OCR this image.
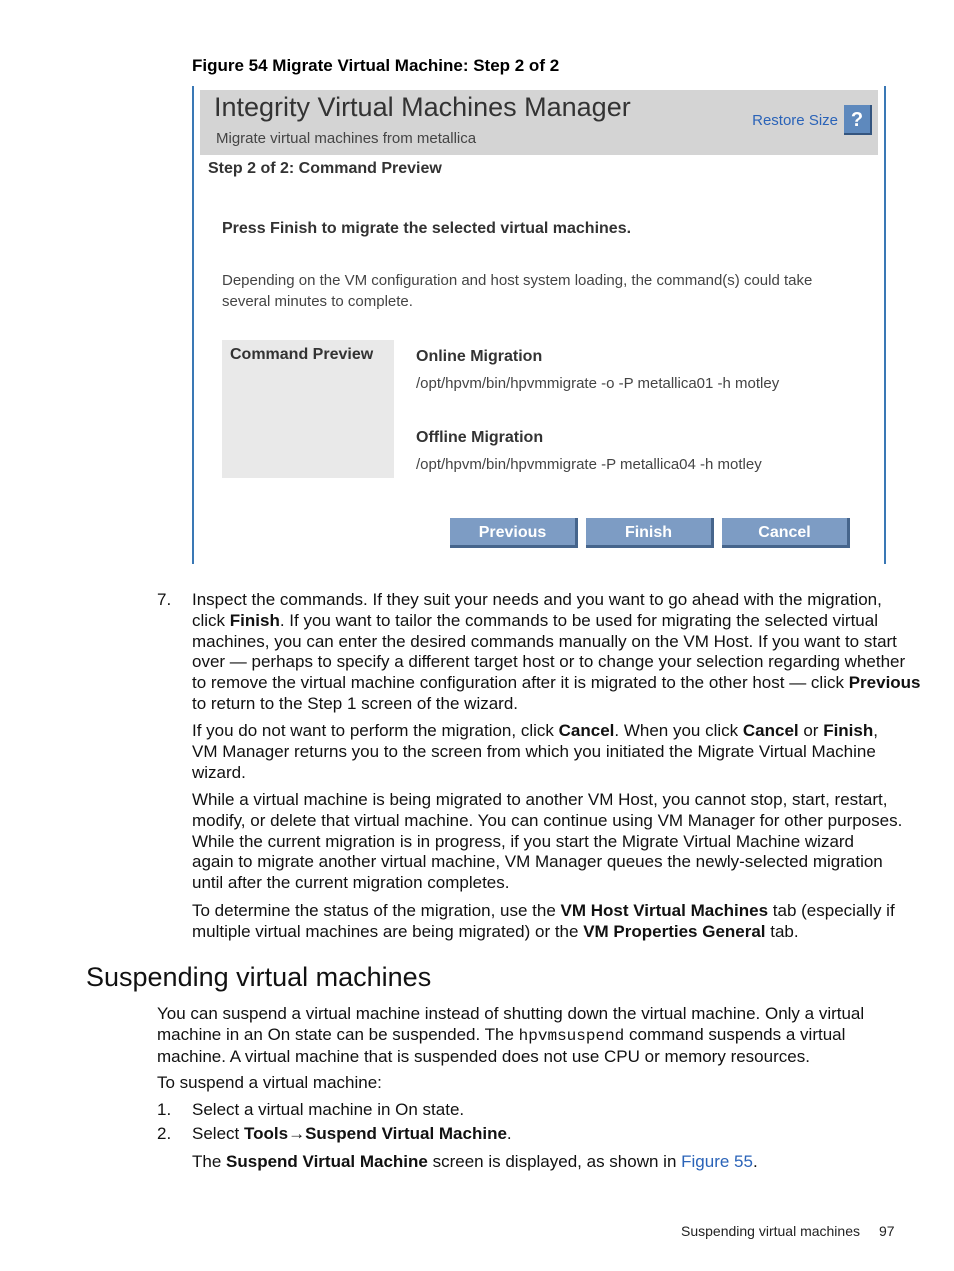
Figure 54 Migrate Virtual Machine: Step 2 of 2
Integrity Virtual Machines Manager
Migrate virtual machines from metallica
Restore Size ?
Step 2 of 2: Command Preview
Press Finish to migrate the selected virtual machines.
Depending on the VM configuration and host system loading, the command(s) could take several minutes to complete.
Command Preview	Online Migration
/opt/hpvm/bin/hpvmmigrate -o -P metallica01 -h motley
Offline Migration
/opt/hpvm/bin/hpvmmigrate -P metallica04 -h motley
Previous	Finish	Cancel
7. Inspect the commands. If they suit your needs and you want to go ahead with the migration,
click Finish. If you want to tailor the commands to be used for migrating the selected virtual
machines, you can enter the desired commands manually on the VM Host. If you want to start
over — perhaps to specify a different target host or to change your selection regarding whether
to remove the virtual machine configuration after it is migrated to the other host — click Previous
to return to the Step 1 screen of the wizard.
If you do not want to perform the migration, click Cancel. When you click Cancel or Finish,
VM Manager returns you to the screen from which you initiated the Migrate Virtual Machine
wizard.
While a virtual machine is being migrated to another VM Host, you cannot stop, start, restart,
modify, or delete that virtual machine. You can continue using VM Manager for other purposes.
While the current migration is in progress, if you start the Migrate Virtual Machine wizard
again to migrate another virtual machine, VM Manager queues the newly-selected migration
until after the current migration completes.
To determine the status of the migration, use the VM Host Virtual Machines tab (especially if
multiple virtual machines are being migrated) or the VM Properties General tab.
Suspending virtual machines
You can suspend a virtual machine instead of shutting down the virtual machine. Only a virtual
machine in an On state can be suspended. The hpvmsuspend command suspends a virtual
machine. A virtual machine that is suspended does not use CPU or memory resources.
To suspend a virtual machine:
1. Select a virtual machine in On state.
2. Select Tools→Suspend Virtual Machine.
The Suspend Virtual Machine screen is displayed, as shown in Figure 55.
Suspending virtual machines 97
